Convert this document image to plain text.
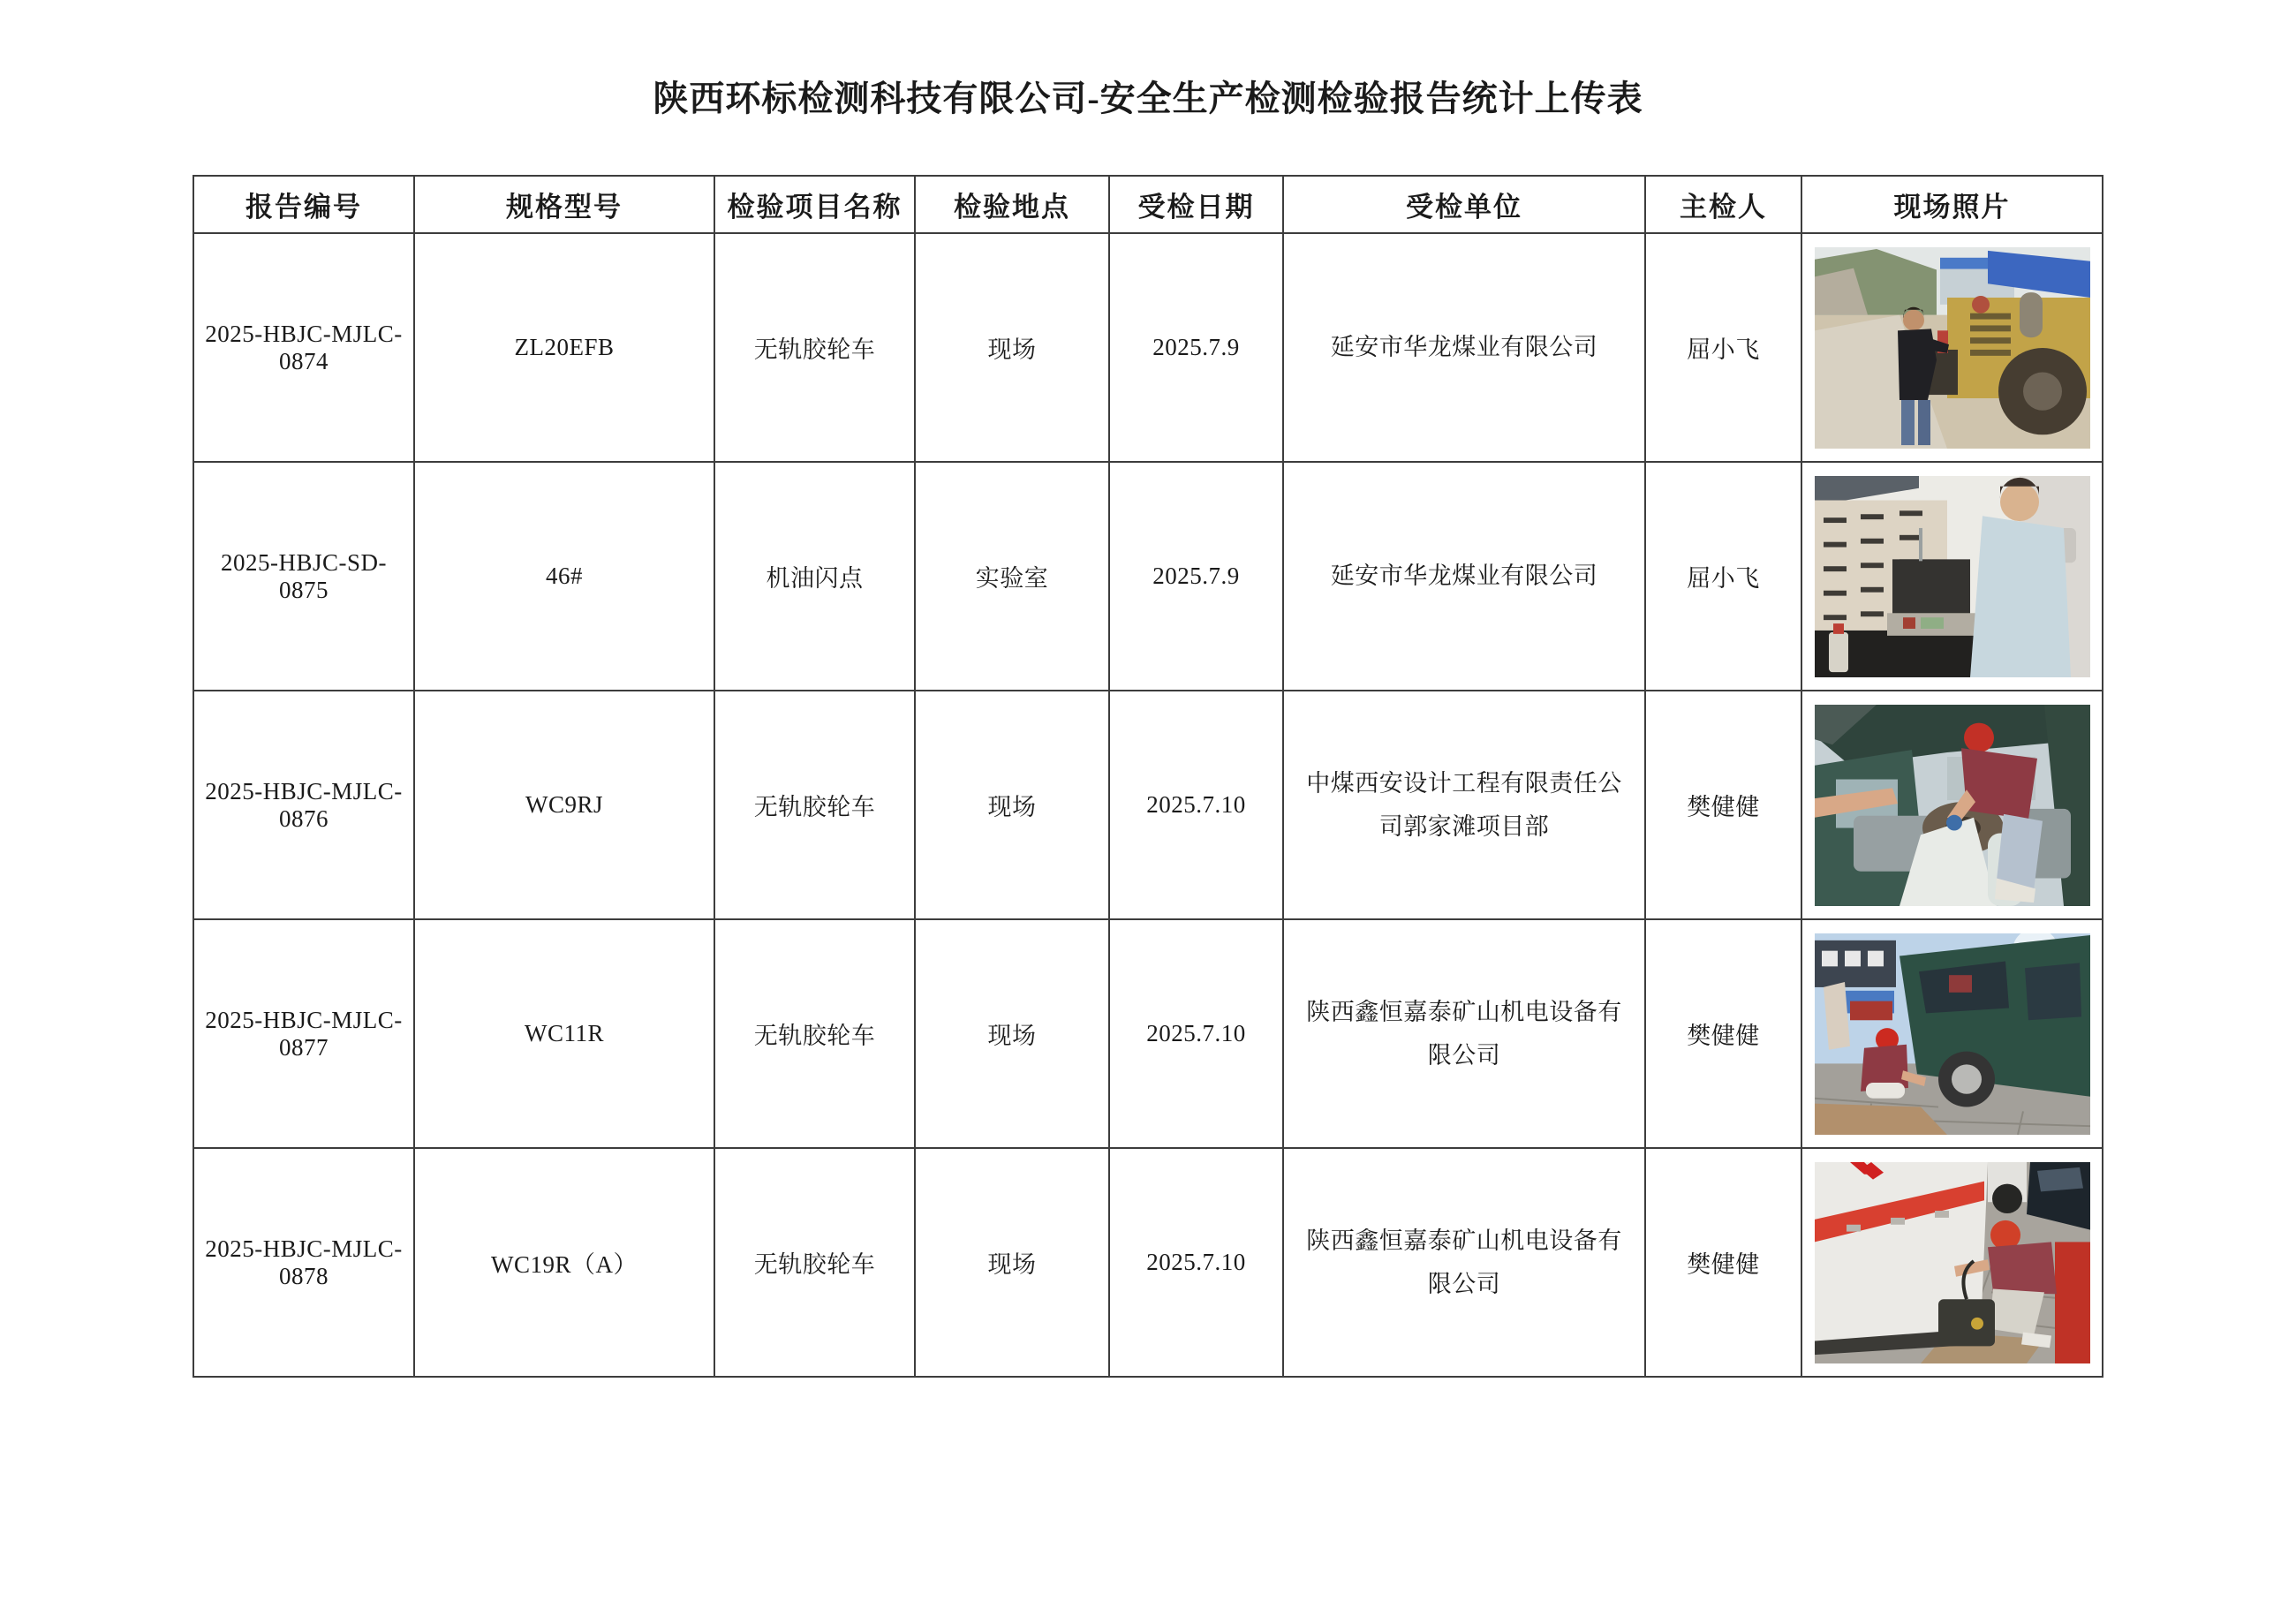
陕西环标检测科技有限公司-安全生产检测检验报告统计上传表
报告编号	规格型号	检验项目名称	检验地点	受检日期	受检单位	主检人	现场照片
2025-HBJC-MJLC-0874	ZL20EFB	无轨胶轮车	现场	2025.7.9	延安市华龙煤业有限公司	屈小飞	

2025-HBJC-SD-0875	46#	机油闪点	实验室	2025.7.9	延安市华龙煤业有限公司	屈小飞	

2025-HBJC-MJLC-0876	WC9RJ	无轨胶轮车	现场	2025.7.10	中煤西安设计工程有限责任公司郭家滩项目部	樊健健	

2025-HBJC-MJLC-0877	WC11R	无轨胶轮车	现场	2025.7.10	陕西鑫恒嘉泰矿山机电设备有限公司	樊健健	

2025-HBJC-MJLC-0878	WC19R（A）	无轨胶轮车	现场	2025.7.10	陕西鑫恒嘉泰矿山机电设备有限公司	樊健健	
